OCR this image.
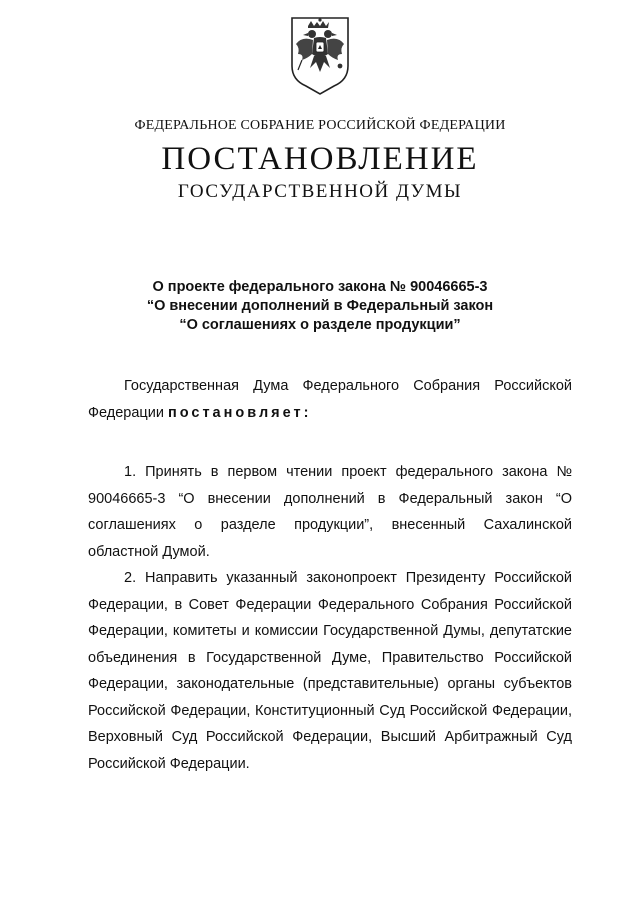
ФЕДЕРАЛЬНОЕ СОБРАНИЕ РОССИЙСКОЙ ФЕДЕРАЦИИ
ПОСТАНОВЛЕНИЕ
ГОСУДАРСТВЕННОЙ ДУМЫ
О проекте федерального закона № 90046665-3
“О внесении дополнений в Федеральный закон
“О соглашениях о разделе продукции”

Государственная Дума Федерального Собрания Российской Федерации постановляет:

1. Принять в первом чтении проект федерального закона № 90046665-3 “О внесении дополнений в Федеральный закон “О соглашениях о разделе продукции”, внесенный Сахалинской областной Думой.

2. Направить указанный законопроект Президенту Российской Федерации, в Совет Федерации Федерального Собрания Российской Федерации, комитеты и комиссии Государственной Думы, депутатские объединения в Государственной Думе, Правительство Российской Федерации, законодательные (представительные) органы субъектов Российской Федерации, Конституционный Суд Российской Федерации, Верховный Суд Российской Федерации, Высший Арбитражный Суд Российской Федерации.
